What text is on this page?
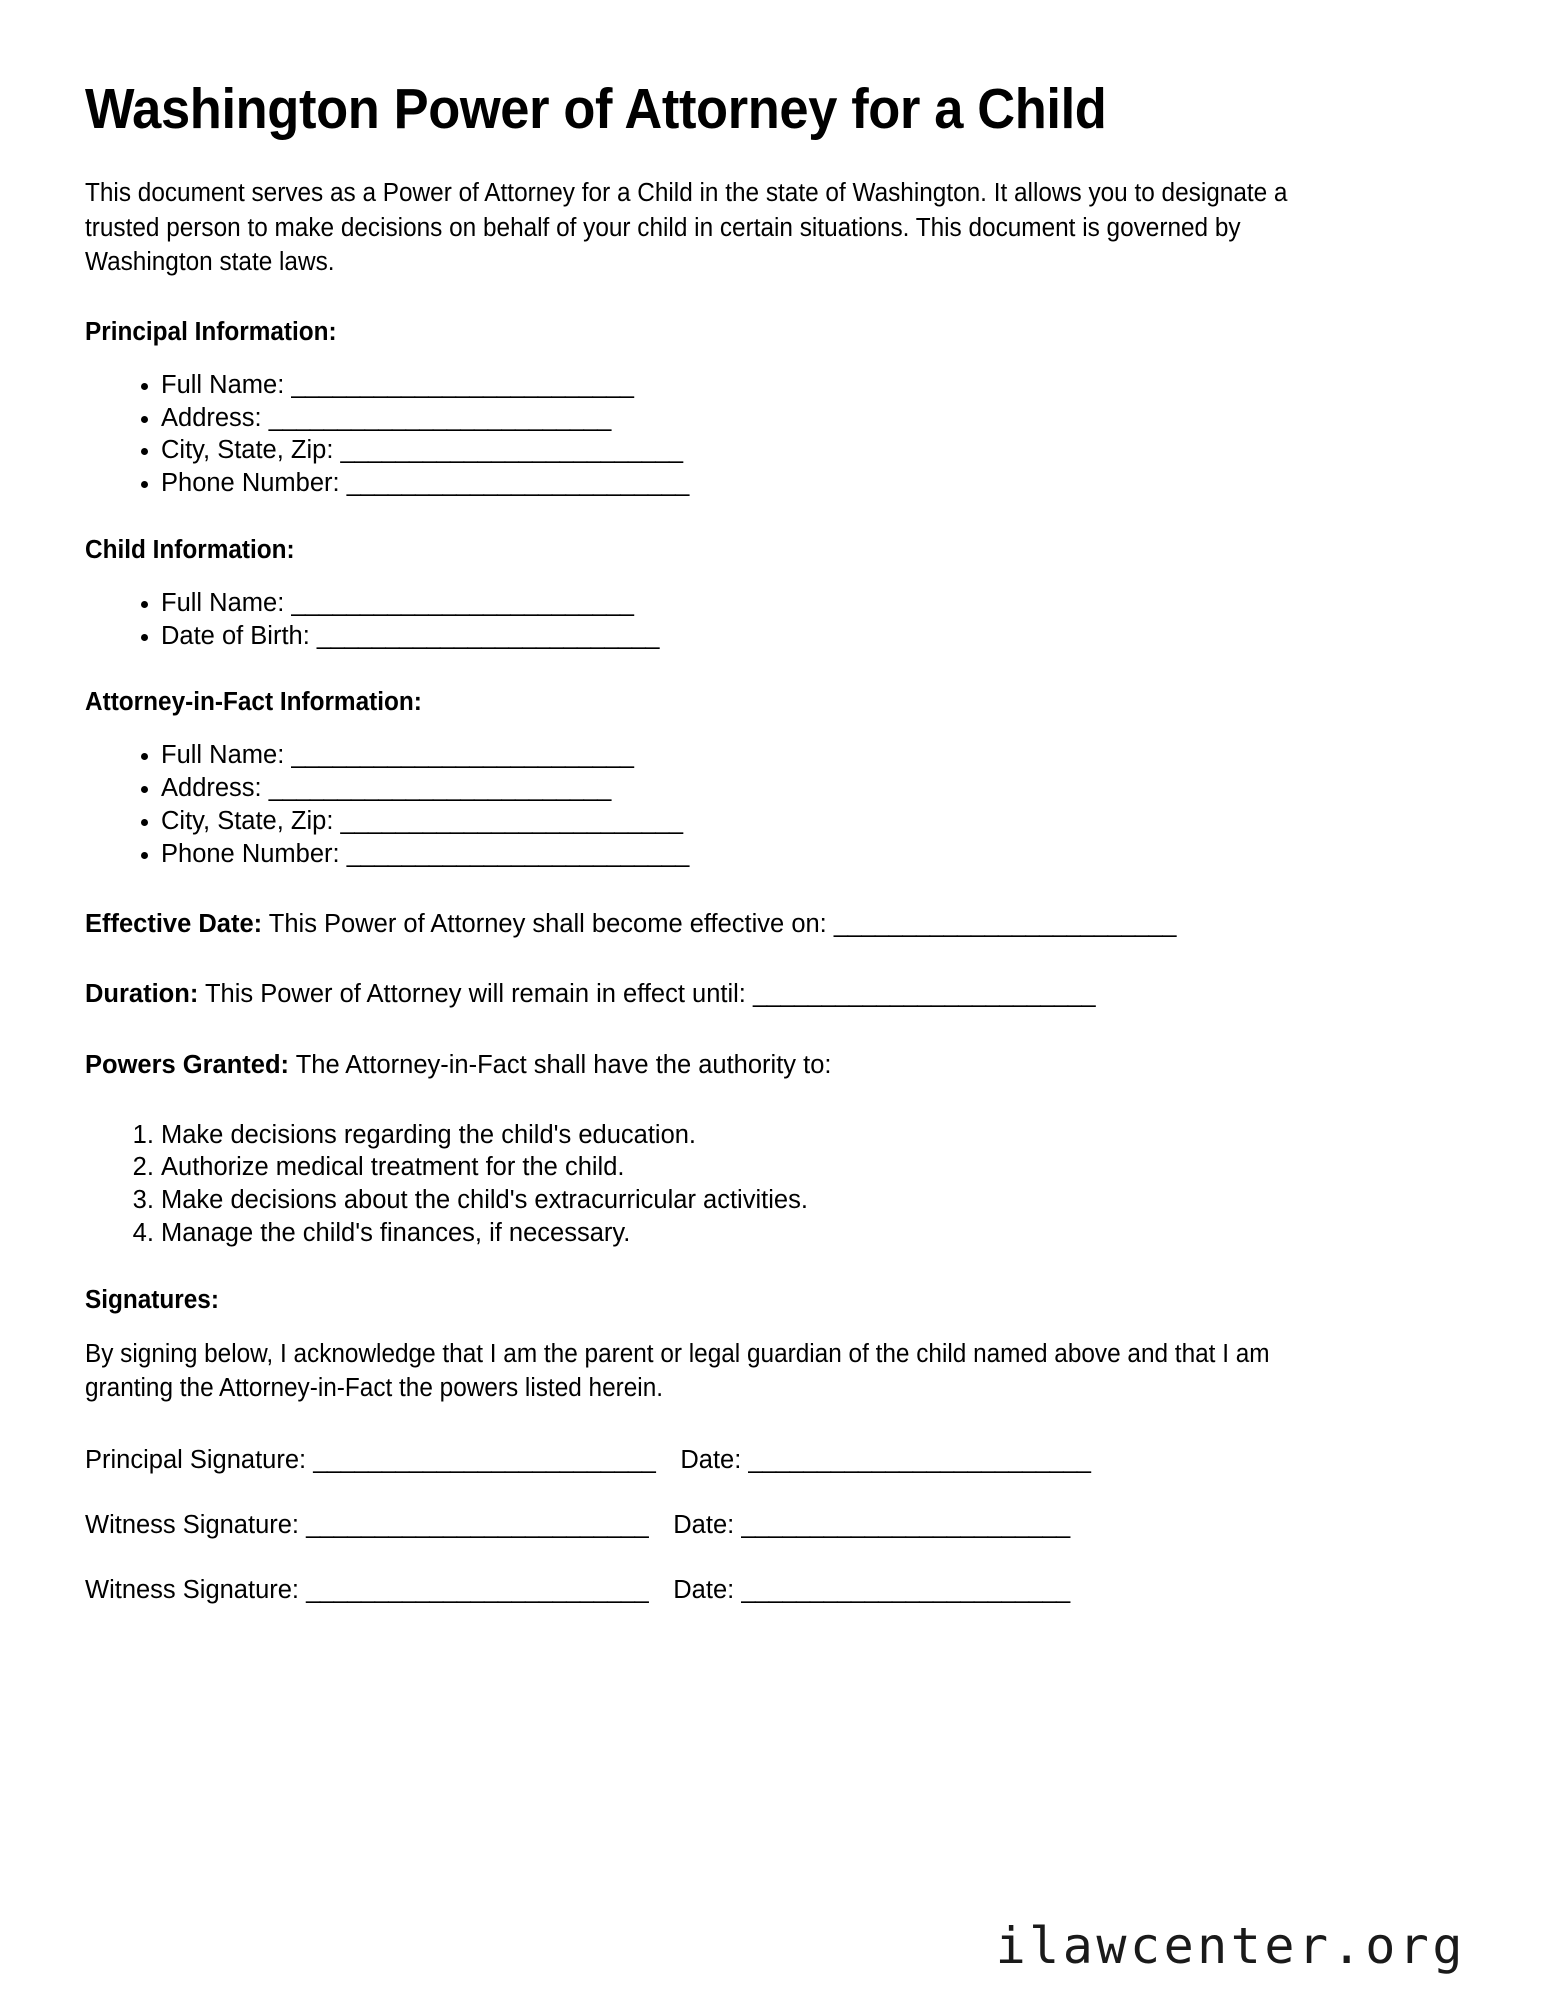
Washington Power of Attorney for a Child

This document serves as a Power of Attorney for a Child in the state of Washington. It allows you to designate a trusted person to make decisions on behalf of your child in certain situations. This document is governed by Washington state laws.

Principal Information:
• Full Name: _________________________
• Address: _________________________
• City, State, Zip: _________________________
• Phone Number: _________________________
Child Information:
• Full Name: _________________________
• Date of Birth: _________________________
Attorney-in-Fact Information:
• Full Name: _________________________
• Address: _________________________
• City, State, Zip: _________________________
• Phone Number: _________________________

Effective Date: This Power of Attorney shall become effective on: _________________________

Duration: This Power of Attorney will remain in effect until: _________________________

Powers Granted: The Attorney-in-Fact shall have the authority to:

1. Make decisions regarding the child's education.
2. Authorize medical treatment for the child.
3. Make decisions about the child's extracurricular activities.
4. Manage the child's finances, if necessary.
Signatures:

By signing below, I acknowledge that I am the parent or legal guardian of the child named above and that I am granting the Attorney-in-Fact the powers listed herein.

Principal Signature: _________________________ Date: _________________________

Witness Signature: _________________________ Date: ________________________

Witness Signature: _________________________ Date: ________________________

ilawcenter.org
